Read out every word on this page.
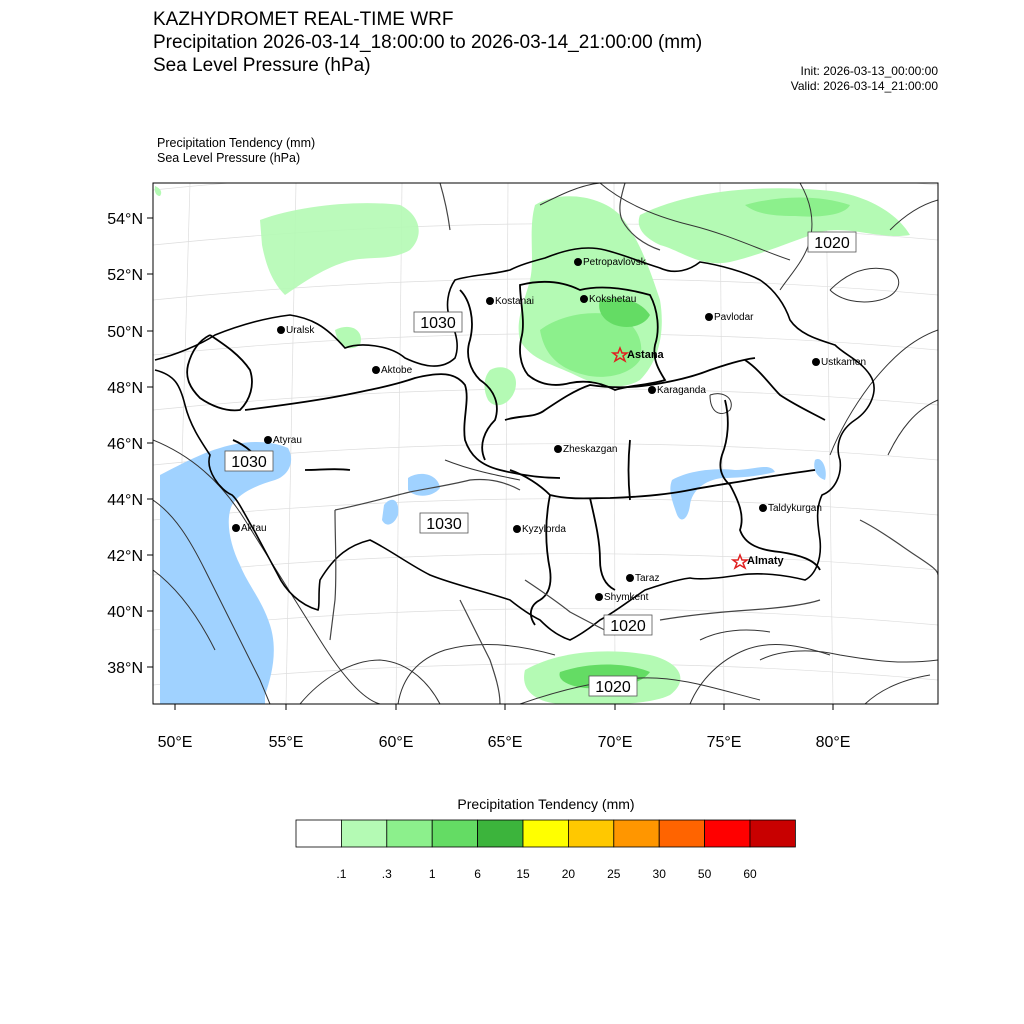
KAZHYDROMET REAL-TIME WRF
Precipitation 2026-03-14_18:00:00 to 2026-03-14_21:00:00 (mm)
Sea Level Pressure (hPa)	Init: 2026-03-13_00:00:00
Valid: 2026-03-14_21:00:00
Precipitation Tendency (mm)
Sea Level Pressure (hPa)
54°N
52°N
50°N
48°N
46°N
44°N
42°N
40°N
38°N
50°E	55°E	60°E	65°E	70°E	75°E	80°E
1020
1030
1030
1030
1020
1020
Petropavlovsk
Kostanai	Kokshetau
Pavlodar
Uralsk
Astana
Aktobe
Ustkamen
Karaganda
Atyrau
Zheskazgan
Aktau	Kyzylorda
Taldykurgan
Almaty
Taraz
Shymkent
Precipitation Tendency (mm)
.1	.3	1	6	15	20	25	30	50	60
